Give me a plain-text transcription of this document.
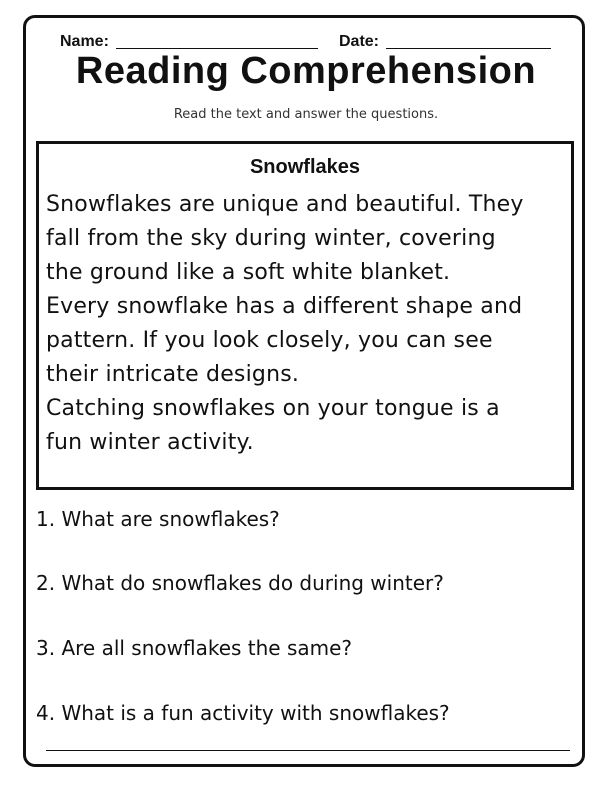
Name:	Date:
Reading Comprehension
Read the text and answer the questions.
Snowflakes
Snowflakes are unique and beautiful. They
fall from the sky during winter, covering
the ground like a soft white blanket.
Every snowflake has a different shape and
pattern. If you look closely, you can see
their intricate designs.
Catching snowflakes on your tongue is a
fun winter activity.
1. What are snowflakes?
2. What do snowflakes do during winter?
3. Are all snowflakes the same?
4. What is a fun activity with snowflakes?
